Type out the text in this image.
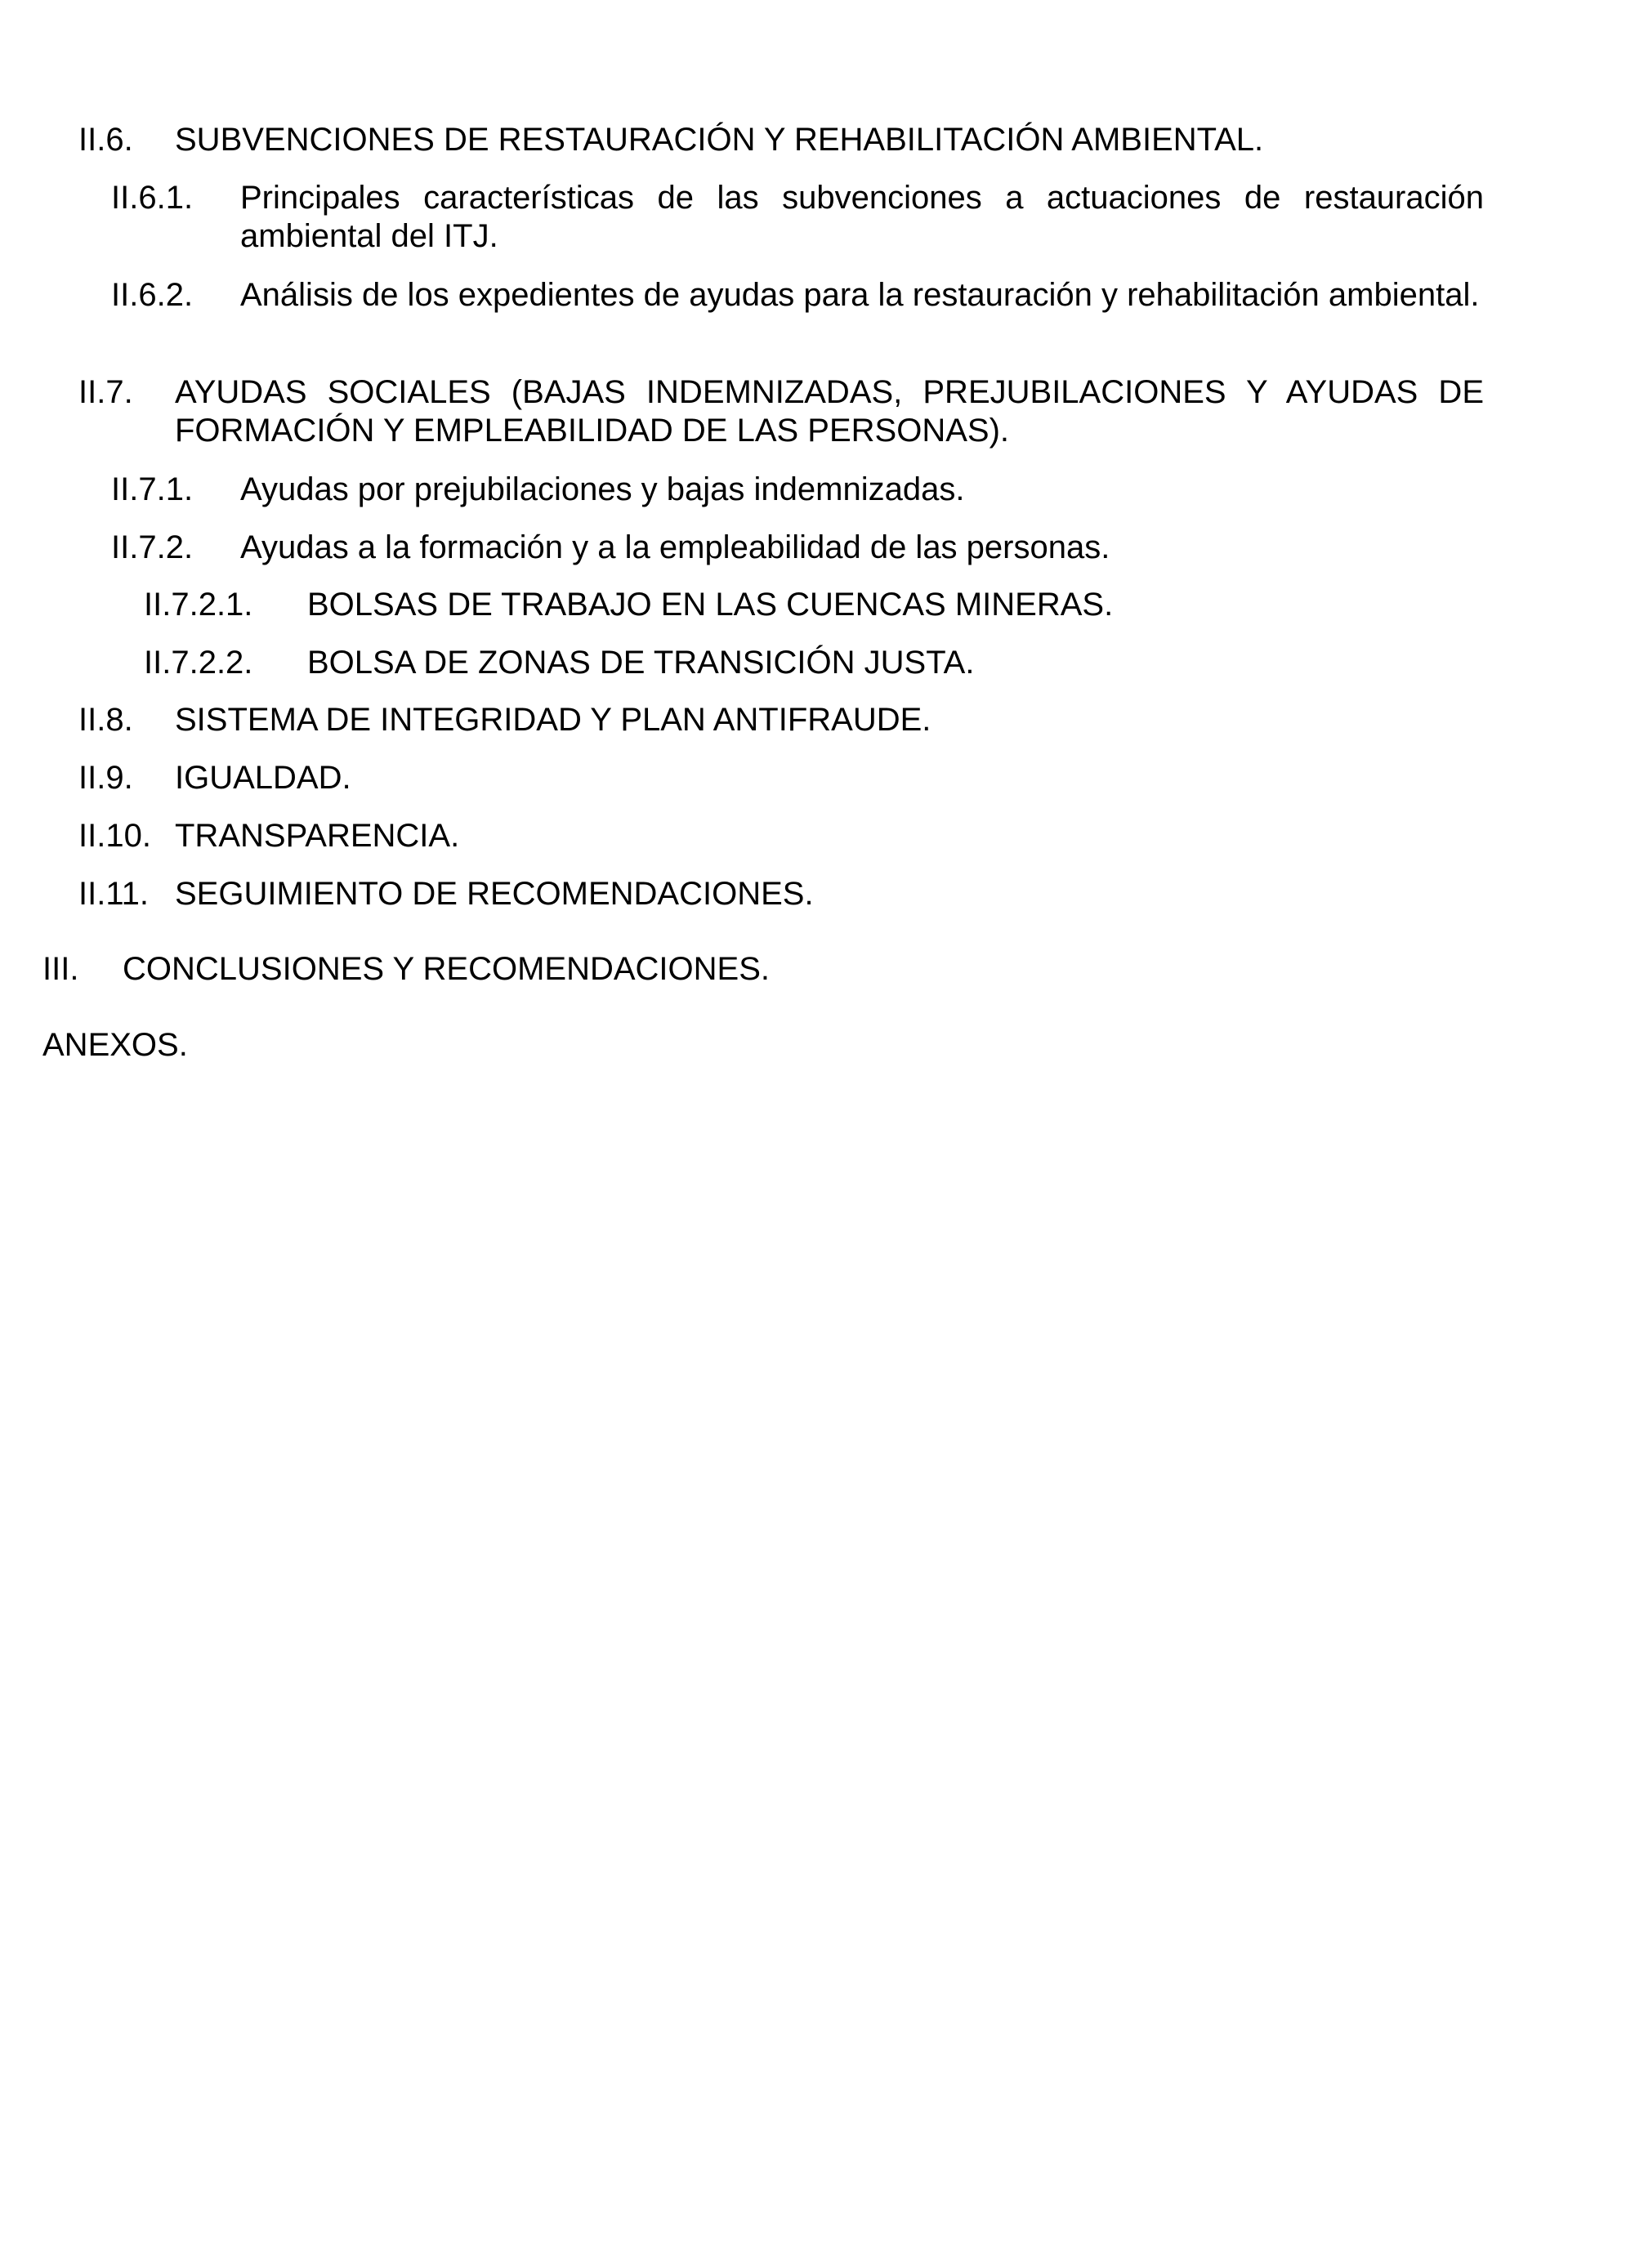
II.6. SUBVENCIONES DE RESTAURACIÓN Y REHABILITACIÓN AMBIENTAL.
II.6.1. Principales características de las subvenciones a actuaciones de restauración ambiental del ITJ.
II.6.2. Análisis de los expedientes de ayudas para la restauración y rehabilitación ambiental.
II.7. AYUDAS SOCIALES (BAJAS INDEMNIZADAS, PREJUBILACIONES Y AYUDAS DE FORMACIÓN Y EMPLEABILIDAD DE LAS PERSONAS).
II.7.1. Ayudas por prejubilaciones y bajas indemnizadas.
II.7.2. Ayudas a la formación y a la empleabilidad de las personas.
II.7.2.1. BOLSAS DE TRABAJO EN LAS CUENCAS MINERAS.
II.7.2.2. BOLSA DE ZONAS DE TRANSICIÓN JUSTA.
II.8. SISTEMA DE INTEGRIDAD Y PLAN ANTIFRAUDE.
II.9. IGUALDAD.
II.10. TRANSPARENCIA.
II.11. SEGUIMIENTO DE RECOMENDACIONES.
III. CONCLUSIONES Y RECOMENDACIONES.
ANEXOS.
